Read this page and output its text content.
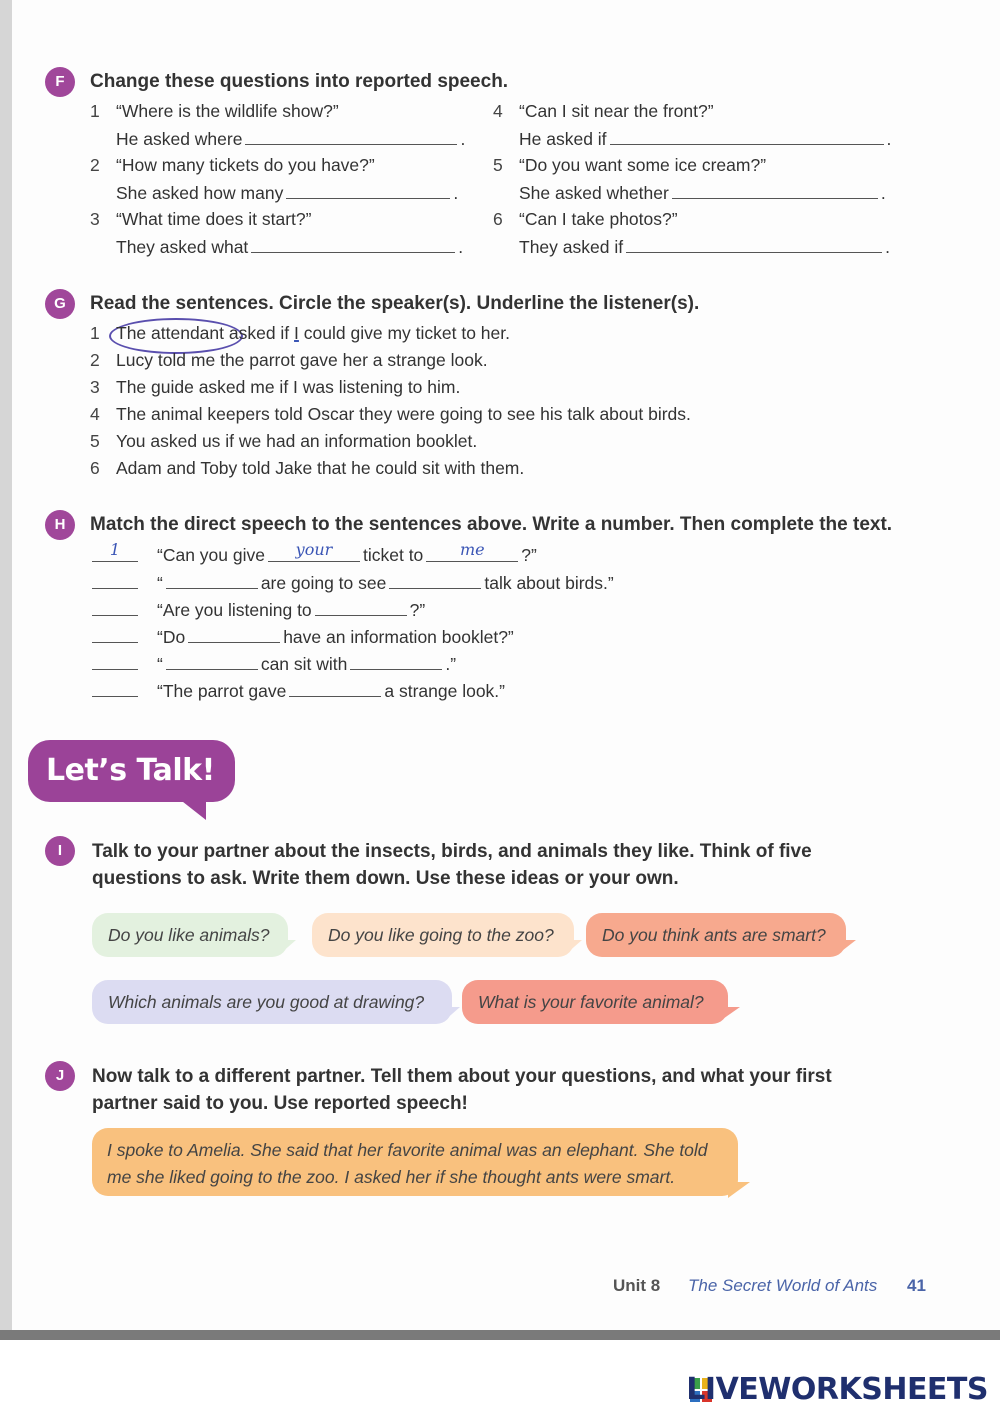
F	Change these questions into reported speech.
1 “Where is the wildlife show?”
He asked where	.
2 “How many tickets do you have?”
She asked how many	.
3 “What time does it start?”
They asked what	.
4 “Can I sit near the front?”
He asked if	.
5 “Do you want some ice cream?”
She asked whether	.
6 “Can I take photos?”
They asked if	.
G	Read the sentences. Circle the speaker(s). Underline the listener(s).
1 The attendant asked if I could give my ticket to her.
2 Lucy told me the parrot gave her a strange look.
3 The guide asked me if I was listening to him.
4 The animal keepers told Oscar they were going to see his talk about birds.
5 You asked us if we had an information booklet.
6 Adam and Toby told Jake that he could sit with them.
H	Match the direct speech to the sentences above. Write a number. Then complete the text.
1	“Can you give your ticket to me ?”
“	are going to see	talk about birds.”
“Are you listening to	?”
“Do	have an information booklet?”
“	can sit with	.”
“The parrot gave	a strange look.”
Let’s Talk!
I	Talk to your partner about the insects, birds, and animals they like. Think of five
questions to ask. Write them down. Use these ideas or your own.
Do you like animals?	Do you like going to the zoo?	Do you think ants are smart?
Which animals are you good at drawing?	What is your favorite animal?
J	Now talk to a different partner. Tell them about your questions, and what your first
partner said to you. Use reported speech!
I spoke to Amelia. She said that her favorite animal was an elephant. She told
me she liked going to the zoo. I asked her if she thought ants were smart.
Unit 8 The Secret World of Ants 41
LIVEWORKSHEETS
